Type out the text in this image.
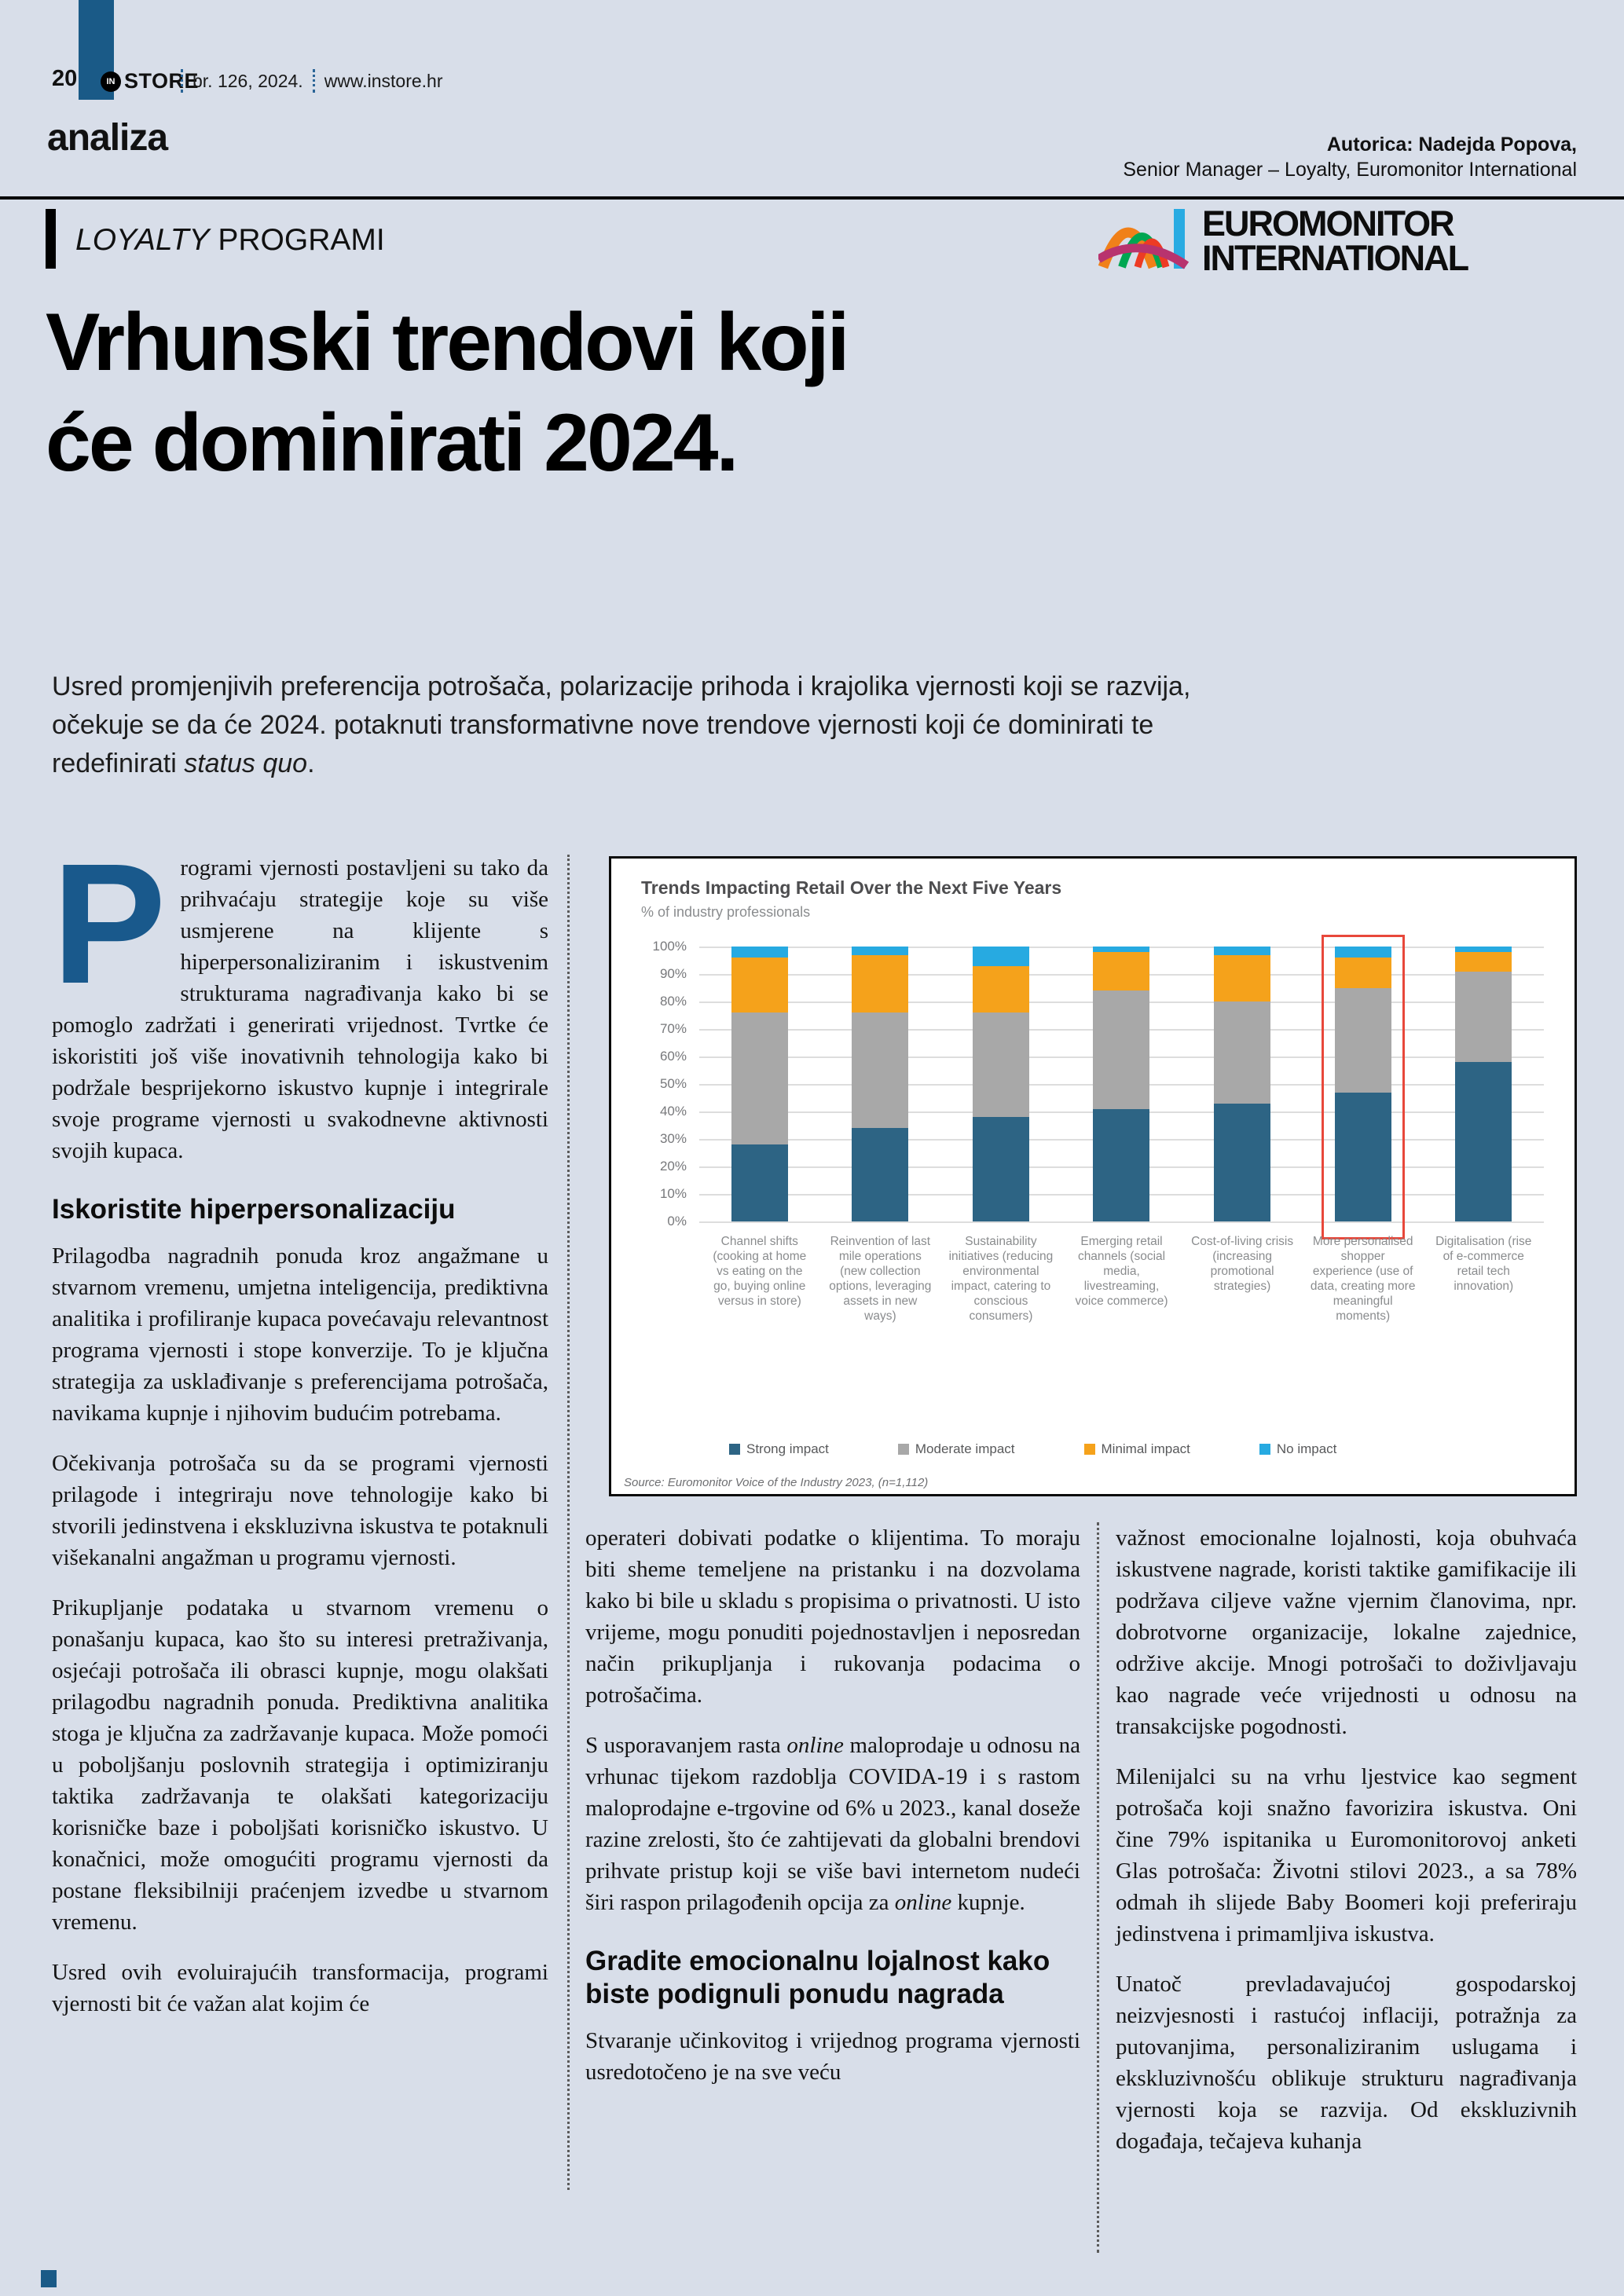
20	IN STORE
br. 126, 2024. www.instore.hr
analiza	Autorica: Nadejda Popova,
Senior Manager – Loyalty, Euromonitor International
LOYALTY PROGRAMI	EUROMONITOR
INTERNATIONAL
Vrhunski trendovi koji
će dominirati 2024.
Usred promjenjivih preferencija potrošača, polarizacije prihoda i krajolika vjernosti koji se razvija, očekuje se da će 2024. potaknuti transformativne nove trendove vjernosti koji će dominirati te redefinirati status quo.

Programi vjernosti postavljeni su tako da prihvaćaju strategije koje su više usmjerene na klijente s hiperpersonaliziranim i iskustvenim strukturama nagrađivanja kako bi se pomoglo zadržati i generirati vrijednost. Tvrtke će iskoristiti još više inovativnih tehnologija kako bi podržale besprijekorno iskustvo kupnje i integrirale svoje programe vjernosti u svakodnevne aktivnosti svojih kupaca.

Iskoristite hiperpersonalizaciju

Prilagodba nagradnih ponuda kroz angažmane u stvarnom vremenu, umjetna inteligencija, prediktivna analitika i profiliranje kupaca povećavaju relevantnost programa vjernosti i stope konverzije. To je ključna strategija za usklađivanje s preferencijama potrošača, navikama kupnje i njihovim budućim potrebama.

Očekivanja potrošača su da se programi vjernosti prilagode i integriraju nove tehnologije kako bi stvorili jedinstvena i ekskluzivna iskustva te potaknuli višekanalni angažman u programu vjernosti.

Prikupljanje podataka u stvarnom vremenu o ponašanju kupaca, kao što su interesi pretraživanja, osjećaji potrošača ili obrasci kupnje, mogu olakšati prilagodbu nagradnih ponuda. Prediktivna analitika stoga je ključna za zadržavanje kupaca. Može pomoći u poboljšanju poslovnih strategija i optimiziranju taktika zadržavanja te olakšati kategorizaciju korisničke baze i poboljšati korisničko iskustvo. U konačnici, može omogućiti programu vjernosti da postane fleksibilniji praćenjem izvedbe u stvarnom vremenu.

Usred ovih evoluirajućih transformacija, programi vjernosti bit će važan alat kojim će

Trends Impacting Retail Over the Next Five Years
% of industry professionals
0%
10%
20%
30%
40%
50%
60%
70%
80%
90%
100%
Channel shifts (cooking at home vs eating on the go, buying online versus in store)
Reinvention of last mile operations (new collection options, leveraging assets in new ways)
Sustainability initiatives (reducing environmental impact, catering to conscious consumers)
Emerging retail channels (social media, livestreaming, voice commerce)
Cost-of-living crisis (increasing promotional strategies)
More personalised shopper experience (use of data, creating more meaningful moments)
Digitalisation (rise of e-commerce retail tech innovation)
Strong impact	Moderate impact	Minimal impact	No impact
Source: Euromonitor Voice of the Industry 2023, (n=1,112)

operateri dobivati podatke o klijentima. To moraju biti sheme temeljene na pristanku i na dozvolama kako bi bile u skladu s propisima o privatnosti. U isto vrijeme, mogu ponuditi pojednostavljen i neposredan način prikupljanja i rukovanja podacima o potrošačima.

S usporavanjem rasta online maloprodaje u odnosu na vrhunac tijekom razdoblja COVIDA-19 i s rastom maloprodajne e-trgovine od 6% u 2023., kanal doseže razine zrelosti, što će zahtijevati da globalni brendovi prihvate pristup koji se više bavi internetom nudeći širi raspon prilagođenih opcija za online kupnje.

Gradite emocionalnu lojalnost kako biste podignuli ponudu nagrada

Stvaranje učinkovitog i vrijednog programa vjernosti usredotočeno je na sve veću

važnost emocionalne lojalnosti, koja obuhvaća iskustvene nagrade, koristi taktike gamifikacije ili podržava ciljeve važne vjernim članovima, npr. dobrotvorne organizacije, lokalne zajednice, održive akcije. Mnogi potrošači to doživljavaju kao nagrade veće vrijednosti u odnosu na transakcijske pogodnosti.

Milenijalci su na vrhu ljestvice kao segment potrošača koji snažno favorizira iskustva. Oni čine 79% ispitanika u Euromonitorovoj anketi Glas potrošača: Životni stilovi 2023., a sa 78% odmah ih slijede Baby Boomeri koji preferiraju jedinstvena i primamljiva iskustva.

Unatoč prevladavajućoj gospodarskoj neizvjesnosti i rastućoj inflaciji, potražnja za putovanjima, personaliziranim uslugama i ekskluzivnošću oblikuje strukturu nagrađivanja vjernosti koja se razvija. Od ekskluzivnih događaja, tečajeva kuhanja
